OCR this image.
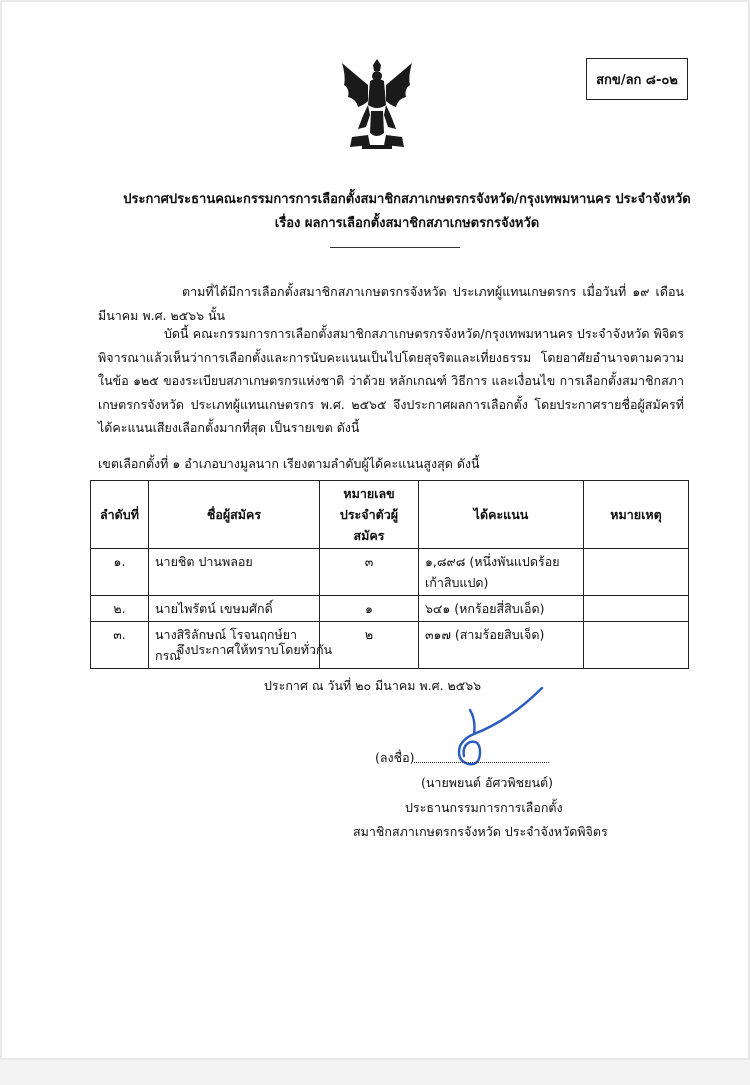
สกข/ลก ๘-๐๒
ประกาศประธานคณะกรรมการการเลือกตั้งสมาชิกสภาเกษตรกรจังหวัด/กรุงเทพมหานคร ประจำจังหวัด
เรื่อง ผลการเลือกตั้งสมาชิกสภาเกษตรกรจังหวัด
ตามที่ได้มีการเลือกตั้งสมาชิกสภาเกษตรกรจังหวัด ประเภทผู้แทนเกษตรกร เมื่อวันที่ ๑๙ เดือน มีนาคม พ.ศ. ๒๕๖๖ นั้น
บัดนี้ คณะกรรมการการเลือกตั้งสมาชิกสภาเกษตรกรจังหวัด/กรุงเทพมหานคร ประจำจังหวัด พิจิตร พิจารณาแล้วเห็นว่าการเลือกตั้งและการนับคะแนนเป็นไปโดยสุจริตและเที่ยงธรรม โดยอาศัยอำนาจตามความในข้อ ๑๒๕ ของระเบียบสภาเกษตรกรแห่งชาติ ว่าด้วย หลักเกณฑ์ วิธีการ และเงื่อนไข การเลือกตั้งสมาชิกสภาเกษตรกรจังหวัด ประเภทผู้แทนเกษตรกร พ.ศ. ๒๕๖๕ จึงประกาศผลการเลือกตั้ง โดยประกาศรายชื่อผู้สมัครที่ได้คะแนนเสียงเลือกตั้งมากที่สุด เป็นรายเขต ดังนี้
เขตเลือกตั้งที่ ๑ อำเภอบางมูลนาก เรียงตามลำดับผู้ได้คะแนนสูงสุด ดังนี้
ลำดับที่	ชื่อผู้สมัคร	หมายเลข ประจำตัวผู้สมัคร	ได้คะแนน	หมายเหตุ
๑.	นายชิต ปานพลอย	๓	๑,๘๙๘ (หนึ่งพันแปดร้อยเก้าสิบแปด)	
๒.	นายไพรัตน์ เขษมศักดิ์	๑	๖๔๑ (หกร้อยสี่สิบเอ็ด)	
๓.	นางสิริลักษณ์ โรจนฤกษ์ยากรณ์	๒	๓๑๗ (สามร้อยสิบเจ็ด)	
จึงประกาศให้ทราบโดยทั่วกัน
ประกาศ ณ วันที่ ๒๐ มีนาคม พ.ศ. ๒๕๖๖
(ลงชื่อ)
(นายพยนต์ อัศวพิชยนต์)
ประธานกรรมการการเลือกตั้ง
สมาชิกสภาเกษตรกรจังหวัด ประจำจังหวัดพิจิตร
